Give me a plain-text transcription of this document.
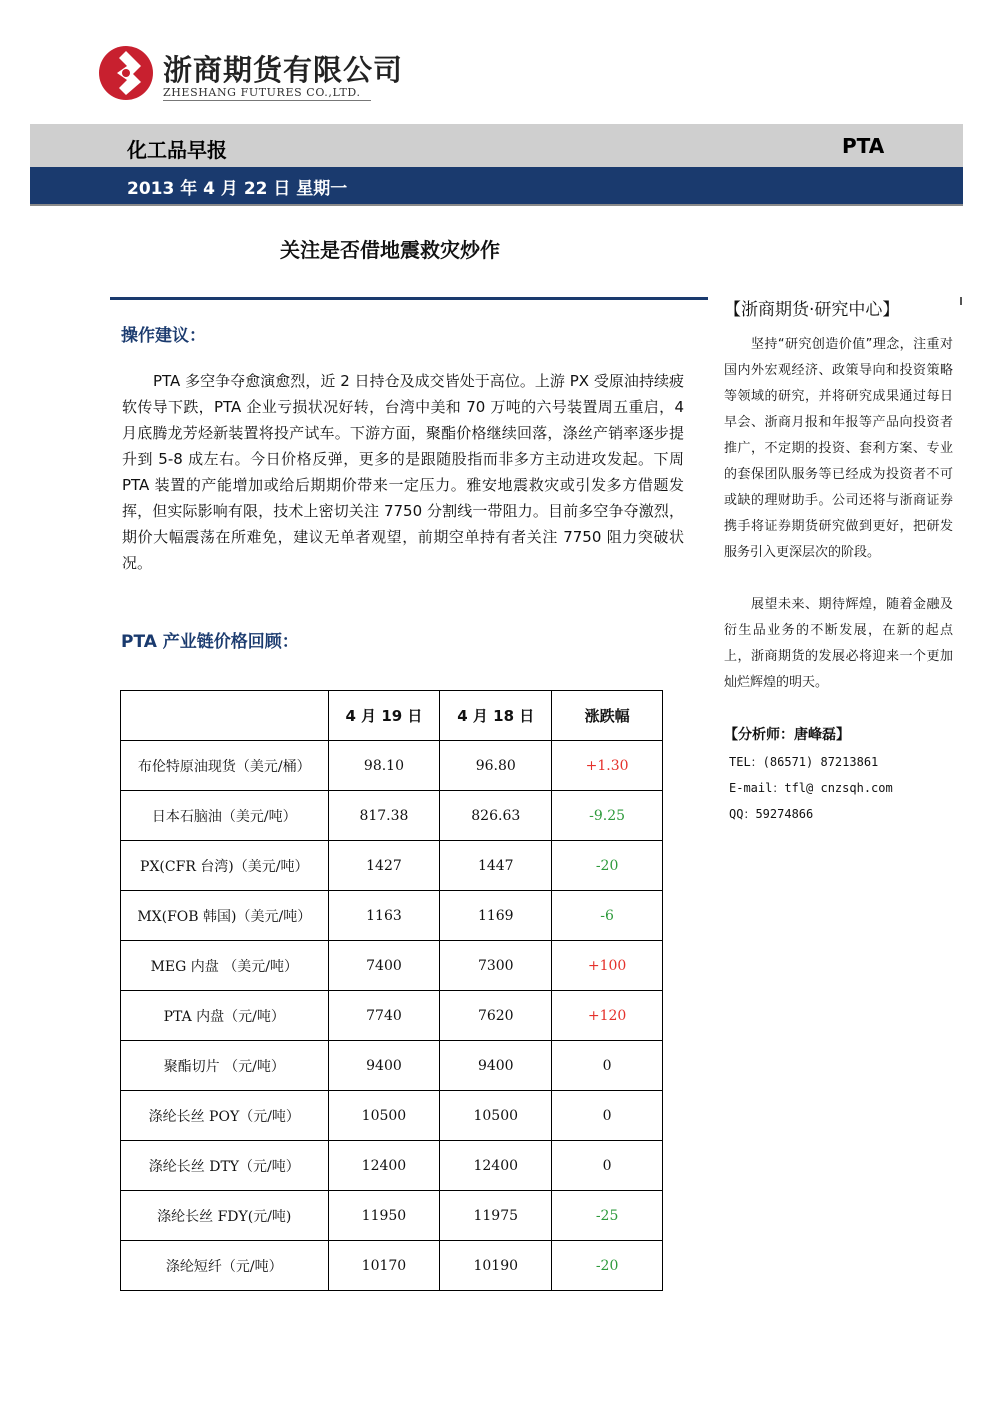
浙商期货有限公司
ZHESHANG FUTURES CO.,LTD.
化工品早报	PTA
2013 年 4 月 22 日 星期一
关注是否借地震救灾炒作
操作建议：
PTA 多空争夺愈演愈烈，近 2 日持仓及成交皆处于高位。上游 PX 受原油持续疲软传导下跌，PTA 企业亏损状况好转，台湾中美和 70 万吨的六号装置周五重启，4 月底腾龙芳烃新装置将投产试车。下游方面，聚酯价格继续回落，涤丝产销率逐步提升到 5-8 成左右。今日价格反弹，更多的是跟随股指而非多方主动进攻发起。下周 PTA 装置的产能增加或给后期期价带来一定压力。雅安地震救灾或引发多方借题发挥，但实际影响有限，技术上密切关注 7750 分割线一带阻力。目前多空争夺激烈，期价大幅震荡在所难免，建议无单者观望，前期空单持有者关注 7750 阻力突破状况。
PTA 产业链价格回顾：
	4 月 19 日	4 月 18 日	涨跌幅
布伦特原油现货（美元/桶）	98.10	96.80	+1.30
日本石脑油（美元/吨）	817.38	826.63	-9.25
PX(CFR 台湾)（美元/吨）	1427	1447	-20
MX(FOB 韩国)（美元/吨）	1163	1169	-6
MEG 内盘 （美元/吨）	7400	7300	+100
PTA 内盘（元/吨）	7740	7620	+120
聚酯切片 （元/吨）	9400	9400	0
涤纶长丝 POY（元/吨）	10500	10500	0
涤纶长丝 DTY（元/吨）	12400	12400	0
涤纶长丝 FDY(元/吨)	11950	11975	-25
涤纶短纤（元/吨）	10170	10190	-20
【浙商期货·研究中心】
坚持“研究创造价值”理念，注重对国内外宏观经济、政策导向和投资策略等领域的研究，并将研究成果通过每日早会、浙商月报和年报等产品向投资者推广，不定期的投资、套利方案、专业的套保团队服务等已经成为投资者不可或缺的理财助手。公司还将与浙商证券携手将证券期货研究做到更好，把研发服务引入更深层次的阶段。
展望未来、期待辉煌，随着金融及衍生品业务的不断发展，在新的起点上，浙商期货的发展必将迎来一个更加灿烂辉煌的明天。
【分析师：唐峰磊】
TEL：(86571) 87213861
E-mail：tfl@ cnzsqh.com
QQ：59274866
